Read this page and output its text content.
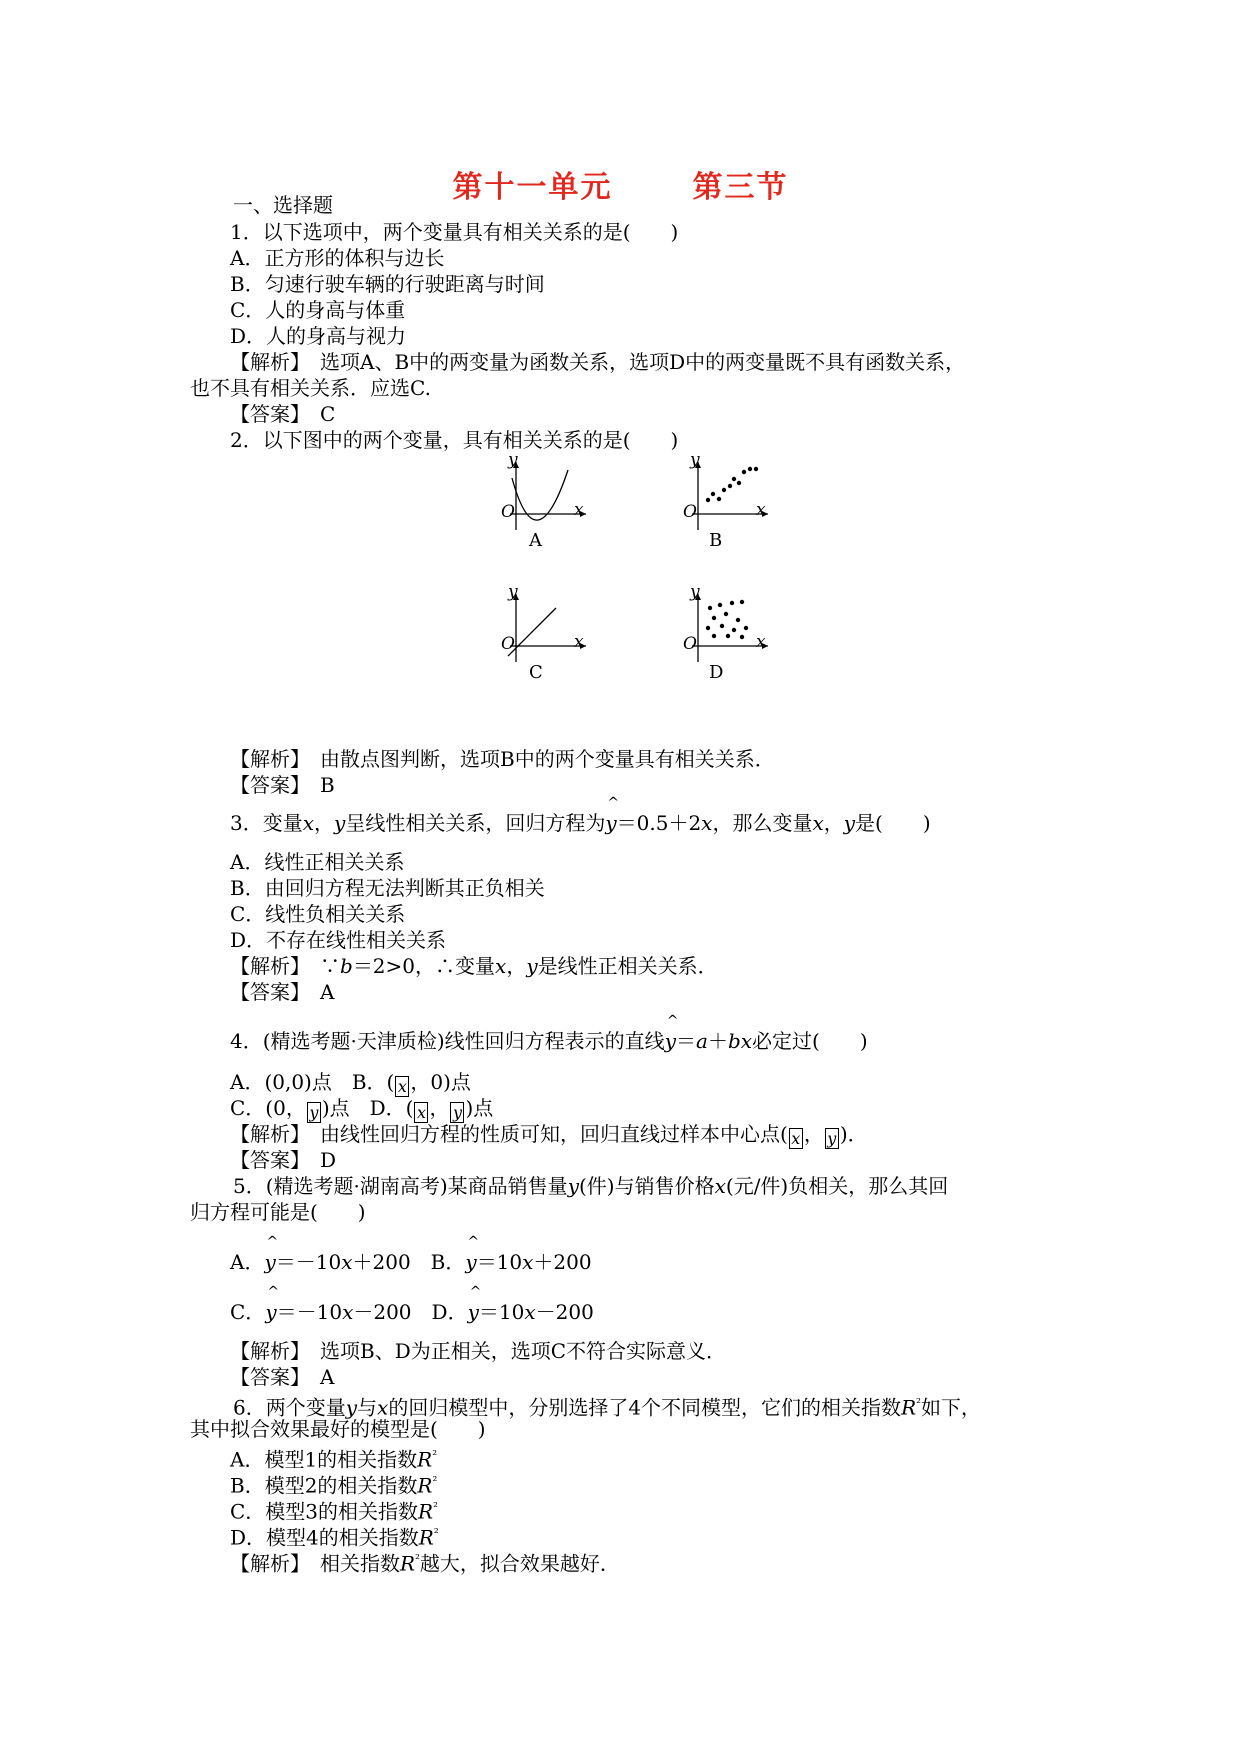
第十一单元	第三节
一、选择题
1．以下选项中，两个变量具有相关关系的是(　　)
A．正方形的体积与边长
B．匀速行驶车辆的行驶距离与时间
C．人的身高与体重
D．人的身高与视力
【解析】　选项A、B中的两变量为函数关系，选项D中的两变量既不具有函数关系，
也不具有相关关系．应选C.
【答案】　C
2．以下图中的两个变量，具有相关关系的是(　　)
y
O	x
A
y
O	x
B
y
O	x
C
y
O	x
D
【解析】　由散点图判断，选项B中的两个变量具有相关关系．
【答案】　B
3．变量x，y呈线性相关关系，回归方程为^ y＝0.5＋2x，那么变量x，y是(　　)
A．线性正相关关系
B．由回归方程无法判断其正负相关
C．线性负相关关系
D．不存在线性相关关系
【解析】　∵b＝2>0，∴变量x，y是线性正相关关系．
【答案】　A
4．(精选考题·天津质检)线性回归方程表示的直线^ y＝a＋bx必定过(　　)
A．(0,0)点　B．( x ，0)点
C．(0， y )点　D．( x ， y )点
【解析】　由线性回归方程的性质可知，回归直线过样本中心点( x ， y )．
【答案】　D
5．(精选考题·湖南高考)某商品销售量y(件)与销售价格x(元/件)负相关，那么其回
归方程可能是(　　)
A．^ y＝－10x＋200　B．^ y＝10x＋200
C．^ y＝－10x－200　D．^ y＝10x－200
【解析】　选项B、D为正相关，选项C不符合实际意义．
【答案】　A
6．两个变量y与x的回归模型中，分别选择了4个不同模型，它们的相关指数$R^{^2}$如下，
其中拟合效果最好的模型是(　　)
A．模型1的相关指数$R^{^2}$
B．模型2的相关指数$R^{^2}$
C．模型3的相关指数$R^{^2}$
D．模型4的相关指数$R^{^2}$
【解析】　相关指数$R^{^2}$越大，拟合效果越好．
